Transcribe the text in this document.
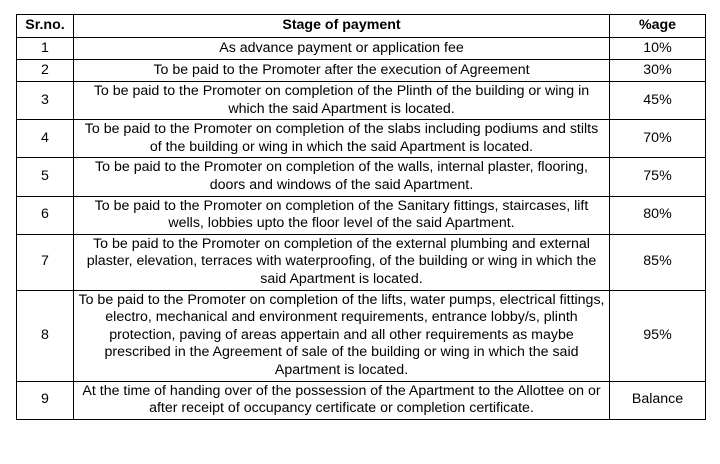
Sr.no.	Stage of payment	%age
1	As advance payment or application fee	10%
2	To be paid to the Promoter after the execution of Agreement	30%
3	To be paid to the Promoter on completion of the Plinth of the building or wing in which the said Apartment is located.	45%
4	To be paid to the Promoter on completion of the slabs including podiums and stilts of the building or wing in which the said Apartment is located.	70%
5	To be paid to the Promoter on completion of the walls, internal plaster, flooring, doors and windows of the said Apartment.	75%
6	To be paid to the Promoter on completion of the Sanitary fittings, staircases, lift wells, lobbies upto the floor level of the said Apartment.	80%
7	To be paid to the Promoter on completion of the external plumbing and external plaster, elevation, terraces with waterproofing, of the building or wing in which the said Apartment is located.	85%
8	To be paid to the Promoter on completion of the lifts, water pumps, electrical fittings, electro, mechanical and environment requirements, entrance lobby/s, plinth protection, paving of areas appertain and all other requirements as maybe prescribed in the Agreement of sale of the building or wing in which the said Apartment is located.	95%
9	At the time of handing over of the possession of the Apartment to the Allottee on or after receipt of occupancy certificate or completion certificate.	Balance
